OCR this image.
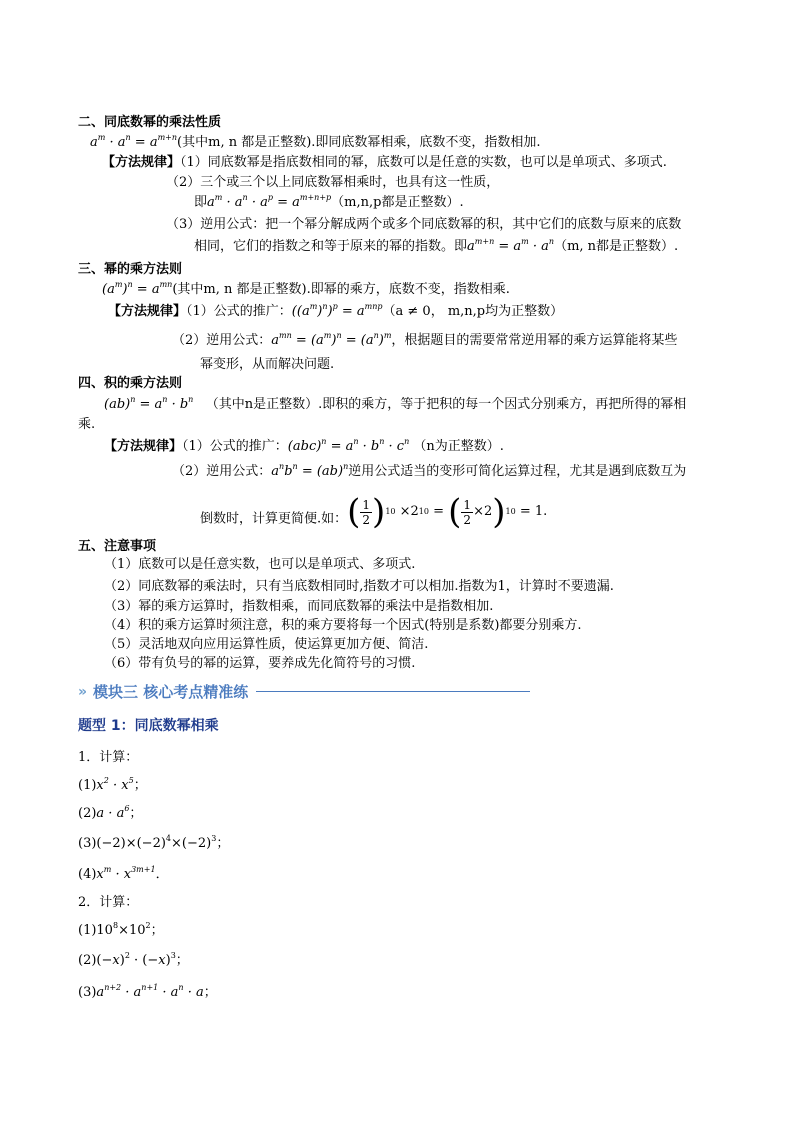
二、同底数幂的乘法性质
$a^m \cdot a^n = a^{m+n}$(其中m, n 都是正整数).即同底数幂相乘，底数不变，指数相加.
【方法规律】（1）同底数幂是指底数相同的幂，底数可以是任意的实数，也可以是单项式、多项式.
（2）三个或三个以上同底数幂相乘时，也具有这一性质，
即$a^m \cdot a^n \cdot a^p = a^{m+n+p}(m,n,p$都是正整数）.
（3）逆用公式：把一个幂分解成两个或多个同底数幂的积，其中它们的底数与原来的底数
相同，它们的指数之和等于原来的幂的指数。即$a^{m+n} = a^m \cdot a^n(m$, n都是正整数）.
三、幂的乘方法则
$(a^m)^n = a^{mn}$(其中m, n 都是正整数).即幂的乘方，底数不变，指数相乘.
【方法规律】（1）公式的推广：$((a^m)^n)^p = a^{mnp}(a \ne 0$， m,n,p均为正整数）
（2）逆用公式：$a^{mn} = (a^m)^n = (a^n)^m$，根据题目的需要常常逆用幂的乘方运算能将某些
幂变形，从而解决问题.
四、积的乘方法则
$(ab)^n = a^n \cdot b^n$ （其中n是正整数）.即积的乘方，等于把积的每一个因式分别乘方，再把所得的幂相
乘.
【方法规律】（1）公式的推广：$(abc)^n = a^n \cdot b^n \cdot c^n$ （n为正整数）.
（2）逆用公式：$a^nb^n = (ab)^n$逆用公式适当的变形可简化运算过程，尤其是遇到底数互为
倒数时，计算更简便.如： ( $\frac{1}{2}$ ) 10 ×2 10 = ( $\frac{1}{2} \times 2$ ) 10 = 1.
五、注意事项
（1）底数可以是任意实数，也可以是单项式、多项式.
（2）同底数幂的乘法时，只有当底数相同时,指数才可以相加.指数为1，计算时不要遗漏.
（3）幂的乘方运算时，指数相乘，而同底数幂的乘法中是指数相加.
（4）积的乘方运算时须注意，积的乘方要将每一个因式(特别是系数)都要分别乘方.
（5）灵活地双向应用运算性质，使运算更加方便、简洁.
（6）带有负号的幂的运算，要养成先化简符号的习惯.
» 模块三 核心考点精准练
题型 1：同底数幂相乘
1．计算：
$(1)x^2 \cdot x^5$；
$(2)a \cdot a^6$；
$(3)(-2)\times(-2)^4\times(-2)^3$；
$(4)x^m \cdot x^{3m+1}$．
2．计算：
$(1)10^8\times 10^2$；
$(2)(-x)^2 \cdot (-x)^3$；
$(3)a^{n+2} \cdot a^{n+1} \cdot a^n \cdot a$；
